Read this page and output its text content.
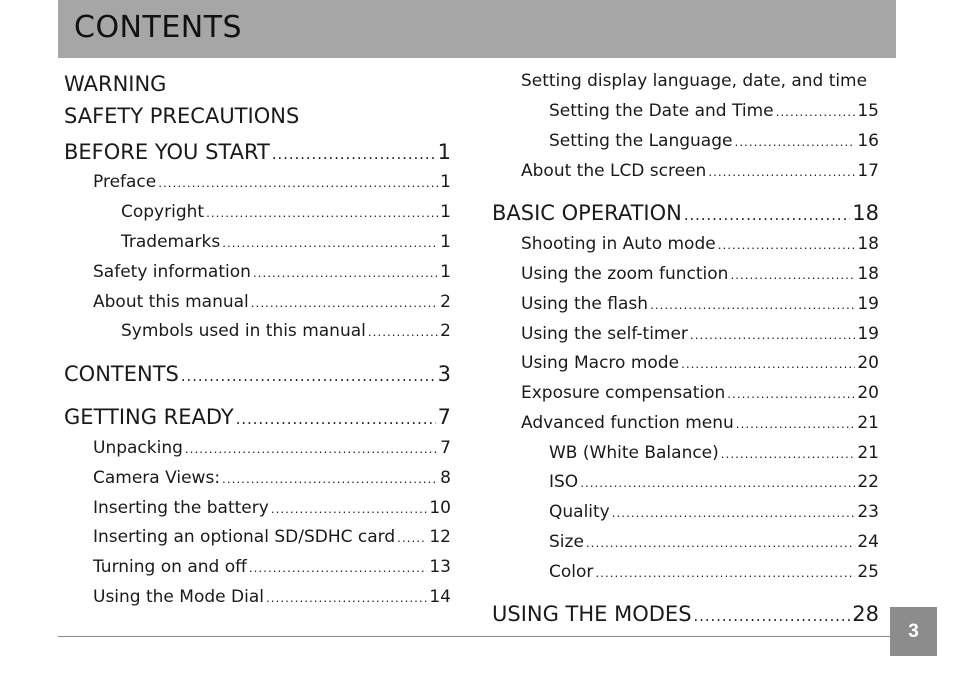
CONTENTS
WARNING
SAFETY PRECAUTIONS
BEFORE YOU START .....	1
Preface .....	1
Copyright .....	1
Trademarks .....	1
Safety information .....	1
About this manual .....	2
Symbols used in this manual .....	2
CONTENTS .....	3
GETTING READY .....	7
Unpacking .....	7
Camera Views: .....	8
Inserting the battery .....	10
Inserting an optional SD/SDHC card ..... 12
Turning on and off .....	13
Using the Mode Dial .....	14
Setting display language, date, and time
Setting the Date and Time .....	15
Setting the Language .....	16
About the LCD screen .....	17
BASIC OPERATION .....	18
Shooting in Auto mode .....	18
Using the zoom function .....	18
Using the flash .....	19
Using the self-timer .....	19
Using Macro mode .....	20
Exposure compensation .....	20
Advanced function menu .....	21
WB (White Balance) .....	21
ISO .....	22
Quality .....	23
Size .....	24
Color .....	25
USING THE MODES .....	28
3
